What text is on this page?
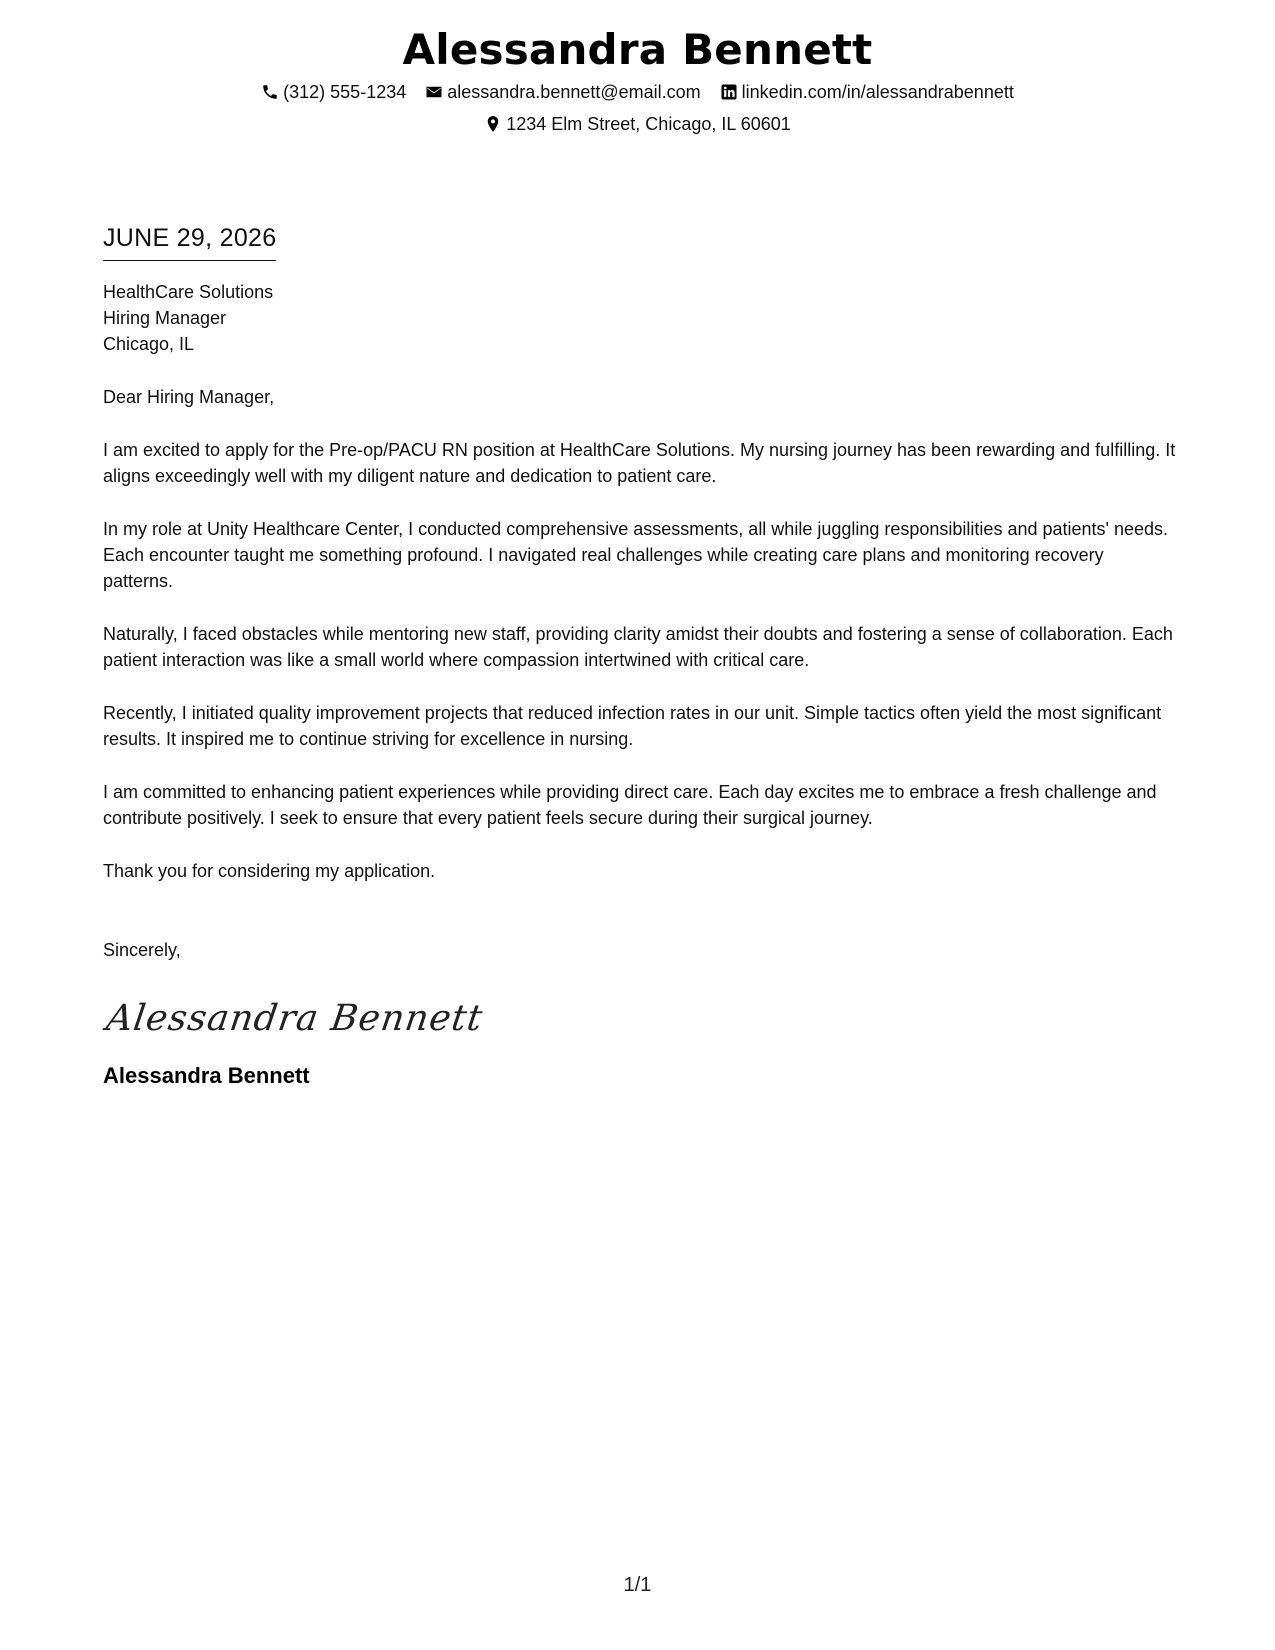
Alessandra Bennett
(312) 555-1234
alessandra.bennett@email.com
linkedin.com/in/alessandrabennett
1234 Elm Street, Chicago, IL 60601
JUNE 29, 2026
HealthCare Solutions
Hiring Manager
Chicago, IL
Dear Hiring Manager,

I am excited to apply for the Pre-op/PACU RN position at HealthCare Solutions. My nursing journey has been rewarding and fulfilling. It aligns exceedingly well with my diligent nature and dedication to patient care.

In my role at Unity Healthcare Center, I conducted comprehensive assessments, all while juggling responsibilities and patients' needs. Each encounter taught me something profound. I navigated real challenges while creating care plans and monitoring recovery patterns.

Naturally, I faced obstacles while mentoring new staff, providing clarity amidst their doubts and fostering a sense of collaboration. Each patient interaction was like a small world where compassion intertwined with critical care.

Recently, I initiated quality improvement projects that reduced infection rates in our unit. Simple tactics often yield the most significant results. It inspired me to continue striving for excellence in nursing.

I am committed to enhancing patient experiences while providing direct care. Each day excites me to embrace a fresh challenge and contribute positively. I seek to ensure that every patient feels secure during their surgical journey.

Thank you for considering my application.

Sincerely,
Alessandra Bennett
Alessandra Bennett
1/1
